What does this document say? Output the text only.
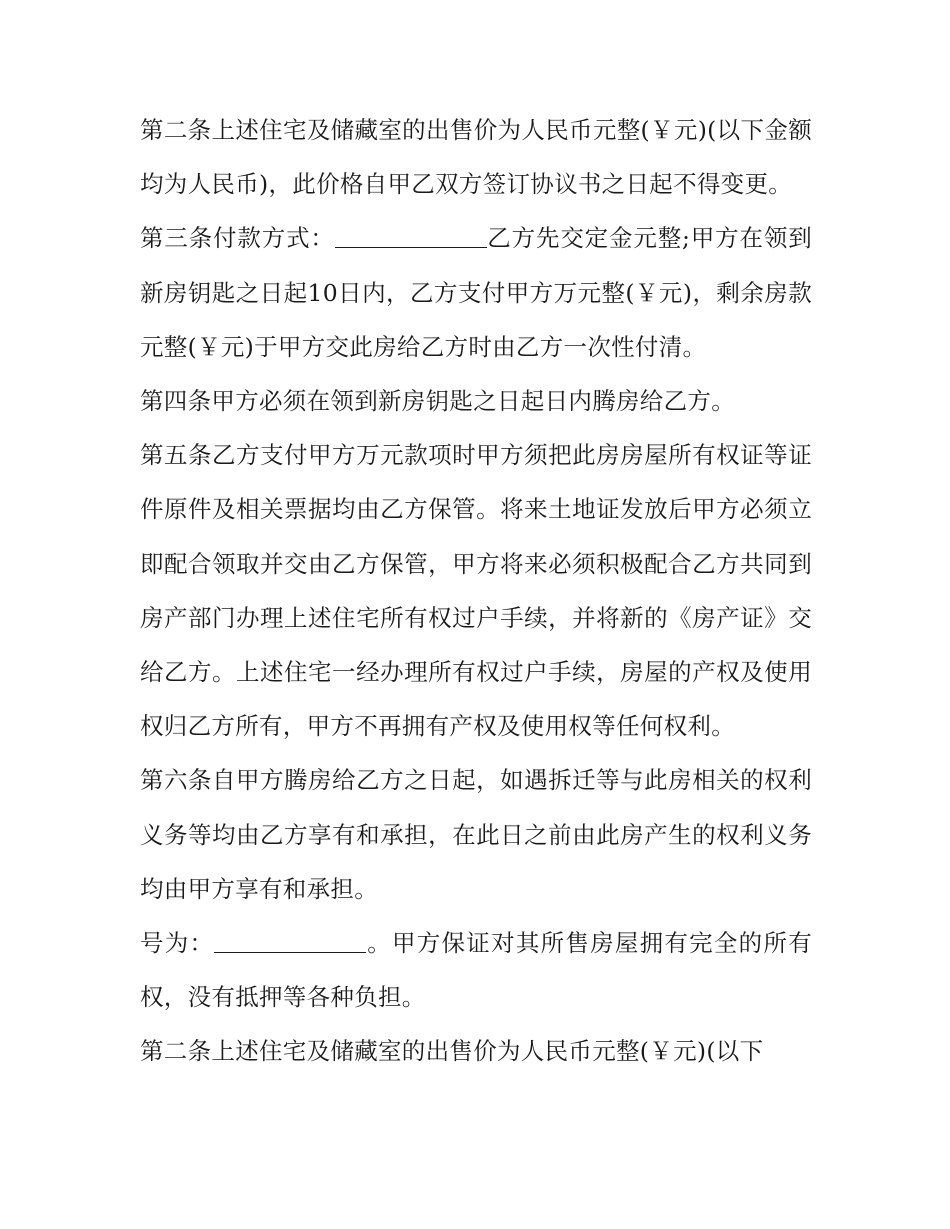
第二条上述住宅及储藏室的出售价为人民币元整(￥元)(以下金额均为人民币)，此价格自甲乙双方签订协议书之日起不得变更。

第三条付款方式：	乙方先交定金元整;甲方在领到新房钥匙之日起10日内，乙方支付甲方万元整(￥元)，剩余房款元整(￥元)于甲方交此房给乙方时由乙方一次性付清。

第四条甲方必须在领到新房钥匙之日起日内腾房给乙方。

第五条乙方支付甲方万元款项时甲方须把此房房屋所有权证等证件原件及相关票据均由乙方保管。将来土地证发放后甲方必须立即配合领取并交由乙方保管，甲方将来必须积极配合乙方共同到房产部门办理上述住宅所有权过户手续，并将新的《房产证》交给乙方。上述住宅一经办理所有权过户手续，房屋的产权及使用权归乙方所有，甲方不再拥有产权及使用权等任何权利。

第六条自甲方腾房给乙方之日起，如遇拆迁等与此房相关的权利义务等均由乙方享有和承担，在此日之前由此房产生的权利义务均由甲方享有和承担。

号为：	。甲方保证对其所售房屋拥有完全的所有权，没有抵押等各种负担。

第二条上述住宅及储藏室的出售价为人民币元整(￥元)(以下
